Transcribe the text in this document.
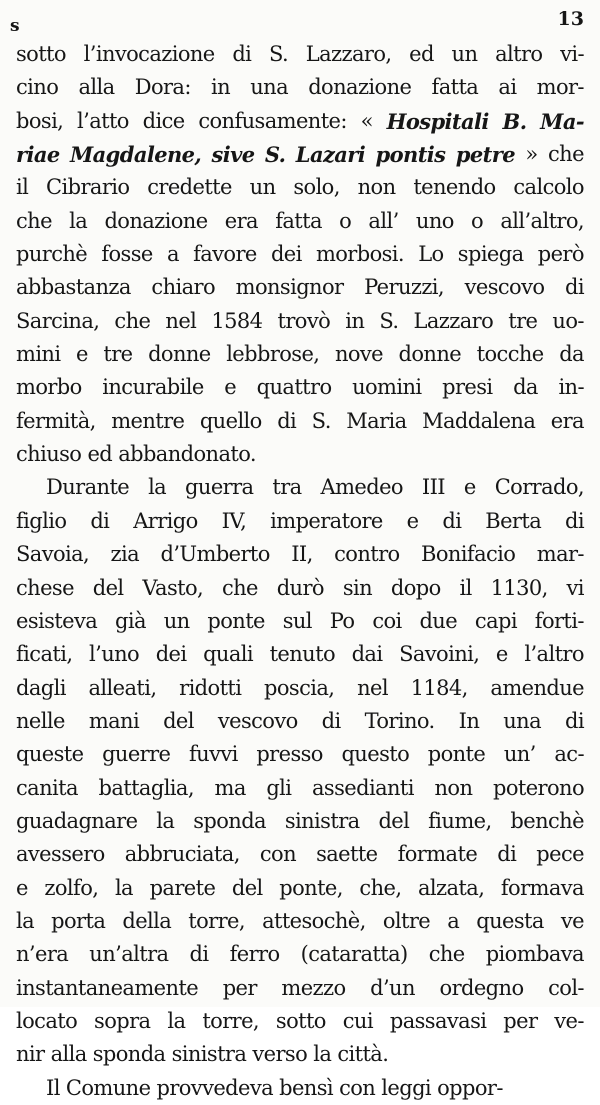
s	13
sotto l’invocazione di S. Lazzaro, ed un altro vi-
cino alla Dora: in una donazione fatta ai mor-
bosi, l’atto dice confusamente: « Hospitali B. Ma-
riae Magdalene, sive S. Lazari pontis petre » che
il Cibrario credette un solo, non tenendo calcolo
che la donazione era fatta o all’ uno o all’altro,
purchè fosse a favore dei morbosi. Lo spiega però
abbastanza chiaro monsignor Peruzzi, vescovo di
Sarcina, che nel 1584 trovò in S. Lazzaro tre uo-
mini e tre donne lebbrose, nove donne tocche da
morbo incurabile e quattro uomini presi da in-
fermità, mentre quello di S. Maria Maddalena era
chiuso
ed
abbandonato.
Durante la guerra tra Amedeo III e Corrado,
figlio di Arrigo IV, imperatore e di Berta di
Savoia, zia d’Umberto II, contro Bonifacio mar-
chese del Vasto, che durò sin dopo il 1130, vi
esisteva già un ponte sul Po coi due capi forti-
ficati, l’uno dei quali tenuto dai Savoini, e l’altro
dagli alleati, ridotti poscia, nel 1184, amendue
nelle mani del vescovo di Torino. In una di
queste guerre fuvvi presso questo ponte un’ ac-
canita battaglia, ma gli assedianti non poterono
guadagnare la sponda sinistra del fiume, benchè
avessero abbruciata, con saette formate di pece
e zolfo, la parete del ponte, che, alzata, formava
la porta della torre, attesochè, oltre a questa ve
n’era un’altra di ferro (cataratta) che piombava
instantaneamente per mezzo d’un ordegno col-
locato sopra la torre, sotto cui passavasi per ve-
nir
alla
sponda
sinistra
verso
la
città.
Il
Comune
provvedeva
bensì
con
leggi
oppor-
